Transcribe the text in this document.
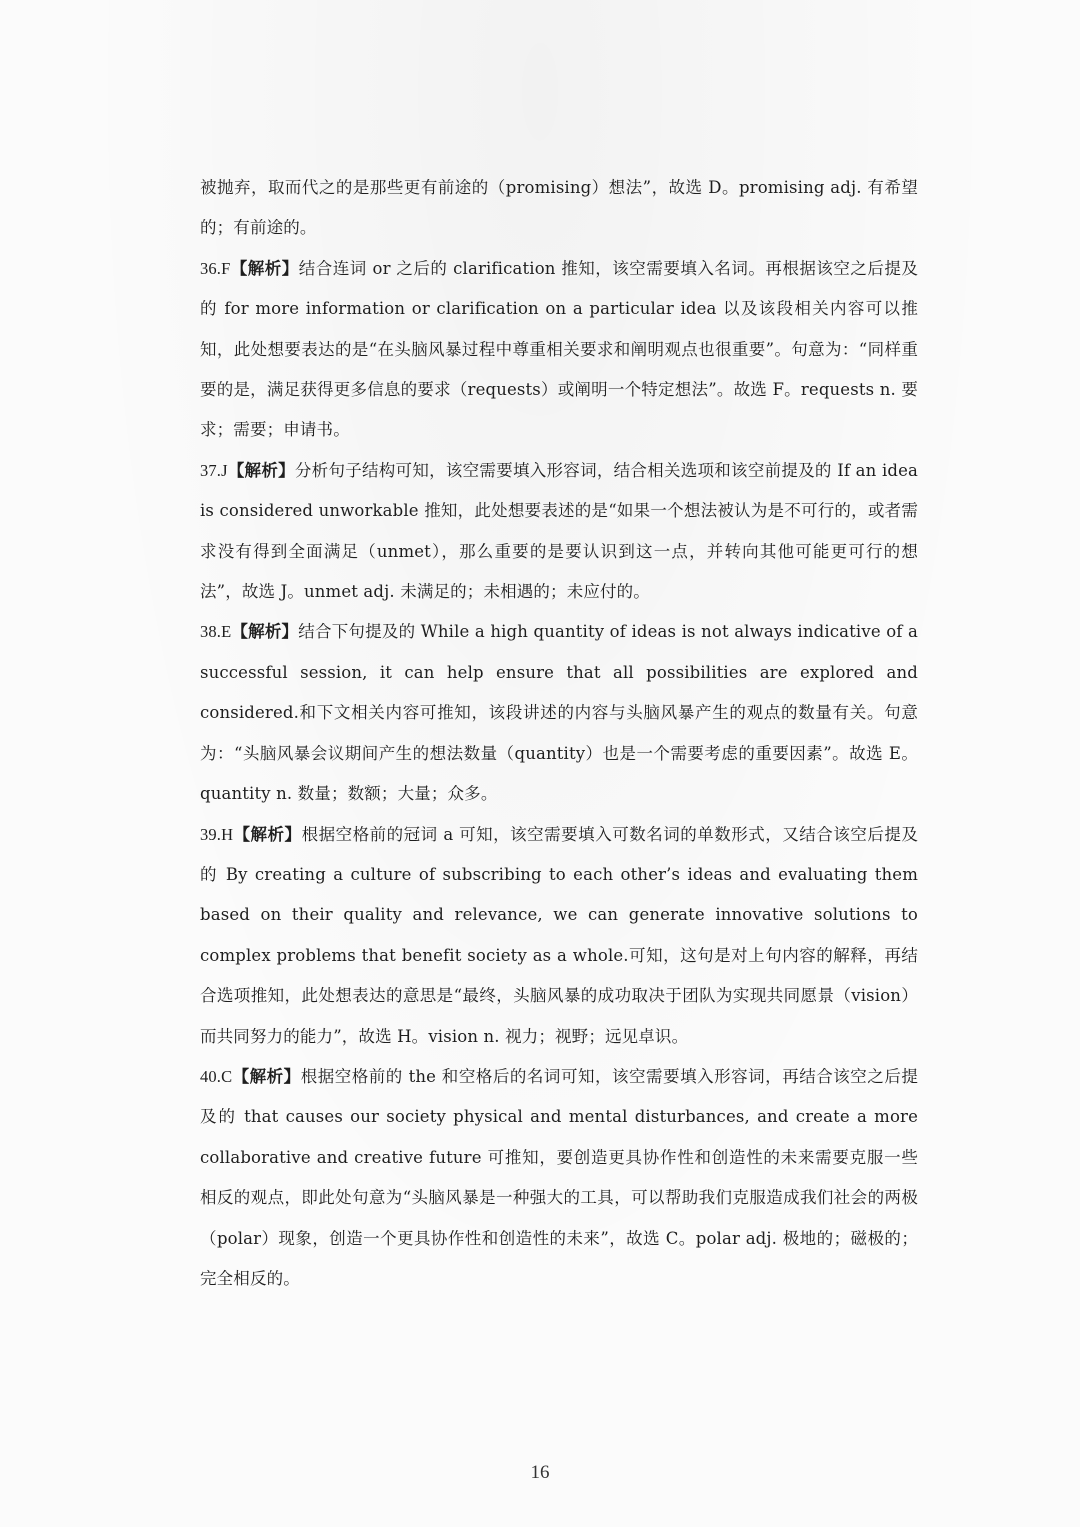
被抛弃，取而代之的是那些更有前途的（promising）想法”，故选 D。promising adj. 有希望的；有前途的。

36.F【解析】结合连词 or 之后的 clarification 推知，该空需要填入名词。再根据该空之后提及的 for more information or clarification on a particular idea 以及该段相关内容可以推知，此处想要表达的是“在头脑风暴过程中尊重相关要求和阐明观点也很重要”。句意为：“同样重要的是，满足获得更多信息的要求（requests）或阐明一个特定想法”。故选 F。requests n. 要求；需要；申请书。

37.J【解析】分析句子结构可知，该空需要填入形容词，结合相关选项和该空前提及的 If an idea is considered unworkable 推知，此处想要表述的是“如果一个想法被认为是不可行的，或者需求没有得到全面满足（unmet），那么重要的是要认识到这一点，并转向其他可能更可行的想法”，故选 J。unmet adj. 未满足的；未相遇的；未应付的。

38.E【解析】结合下句提及的 While a high quantity of ideas is not always indicative of a successful session, it can help ensure that all possibilities are explored and considered.和下文相关内容可推知，该段讲述的内容与头脑风暴产生的观点的数量有关。句意为：“头脑风暴会议期间产生的想法数量（quantity）也是一个需要考虑的重要因素”。故选 E。quantity n. 数量；数额；大量；众多。

39.H【解析】根据空格前的冠词 a 可知，该空需要填入可数名词的单数形式，又结合该空后提及的 By creating a culture of subscribing to each other’s ideas and evaluating them based on their quality and relevance, we can generate innovative solutions to complex problems that benefit society as a whole.可知，这句是对上句内容的解释，再结合选项推知，此处想表达的意思是“最终，头脑风暴的成功取决于团队为实现共同愿景（vision）而共同努力的能力”，故选 H。vision n. 视力；视野；远见卓识。

40.C【解析】根据空格前的 the 和空格后的名词可知，该空需要填入形容词，再结合该空之后提及的 that causes our society physical and mental disturbances, and create a more collaborative and creative future 可推知，要创造更具协作性和创造性的未来需要克服一些相反的观点，即此处句意为“头脑风暴是一种强大的工具，可以帮助我们克服造成我们社会的两极（polar）现象，创造一个更具协作性和创造性的未来”，故选 C。polar adj. 极地的；磁极的；完全相反的。

16
